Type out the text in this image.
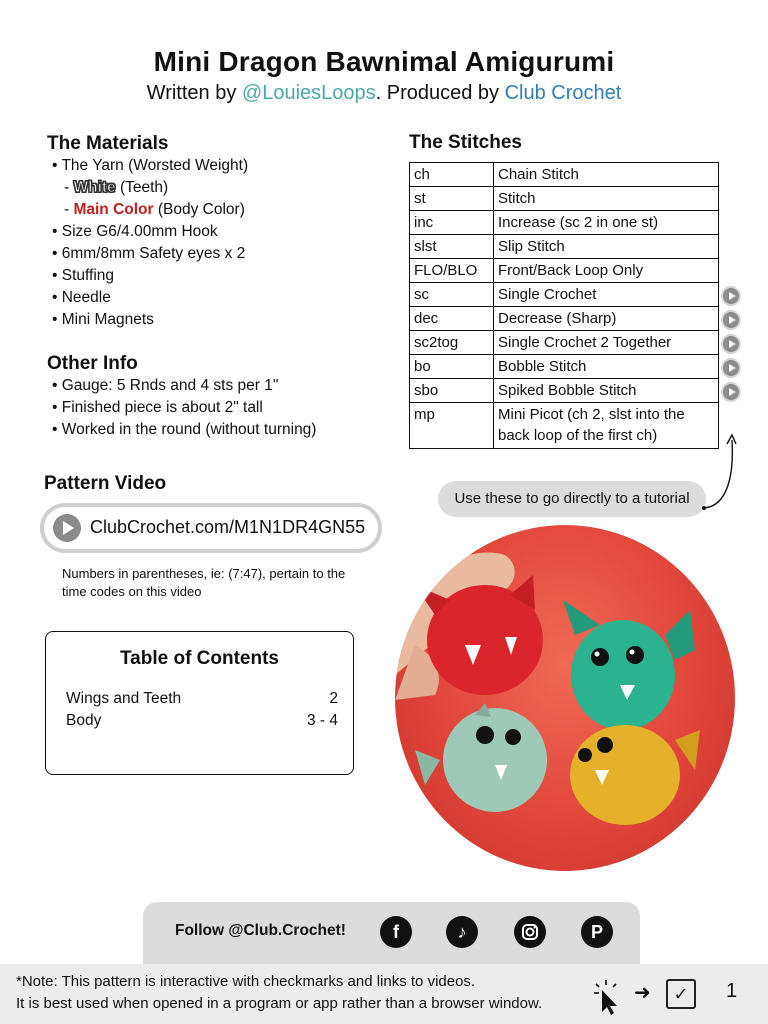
Mini Dragon Bawnimal Amigurumi
Written by @LouiesLoops. Produced by Club Crochet
The Materials
• The Yarn (Worsted Weight)
- White (Teeth)
- Main Color (Body Color)
• Size G6/4.00mm Hook
• 6mm/8mm Safety eyes x 2
• Stuffing
• Needle
• Mini Magnets
Other Info
• Gauge: 5 Rnds and 4 sts per 1"
• Finished piece is about 2" tall
• Worked in the round (without turning)
The Stitches
ch	Chain Stitch
st	Stitch
inc	Increase (sc 2 in one st)
slst	Slip Stitch
FLO/BLO	Front/Back Loop Only
sc	Single Crochet
dec	Decrease (Sharp)
sc2tog	Single Crochet 2 Together
bo	Bobble Stitch
sbo	Spiked Bobble Stitch
mp	Mini Picot (ch 2, slst into the back loop of the first ch)
Use these to go directly to a tutorial
Pattern Video
ClubCrochet.com/M1N1DR4GN55
Numbers in parentheses, ie: (7:47), pertain to the time codes on this video
Table of Contents
Wings and Teeth	2
Body	3 - 4
Follow @Club.Crochet!	f	♪	P
*Note: This pattern is interactive with checkmarks and links to videos.
It is best used when opened in a program or app rather than a browser window.	➜	✓	1
